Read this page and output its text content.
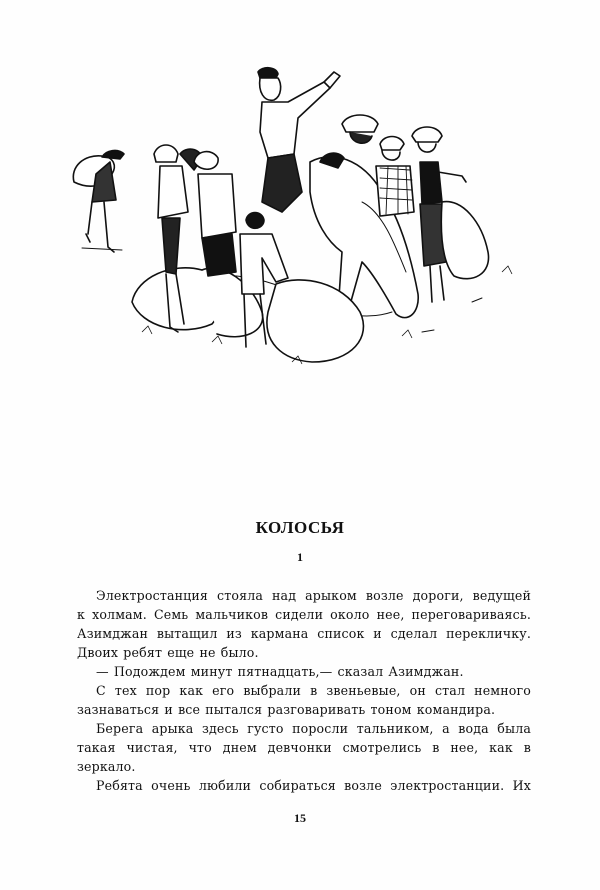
КОЛОСЬЯ
1
Электростанция стояла над арыком возле дороги, ведущей
к холмам. Семь мальчиков сидели около нее, переговариваясь.
Азимджан вытащил из кармана список и сделал перекличку.
Двоих ребят еще не было.
— Подождем минут пятнадцать,— сказал Азимджан.
С тех пор как его выбрали в звеньевые, он стал немного
зазнаваться и все пытался разговаривать тоном командира.
Берега арыка здесь густо поросли тальником, а вода была
такая чистая, что днем девчонки смотрелись в нее, как в
зеркало.
Ребята очень любили собираться возле электростанции. Их
15
